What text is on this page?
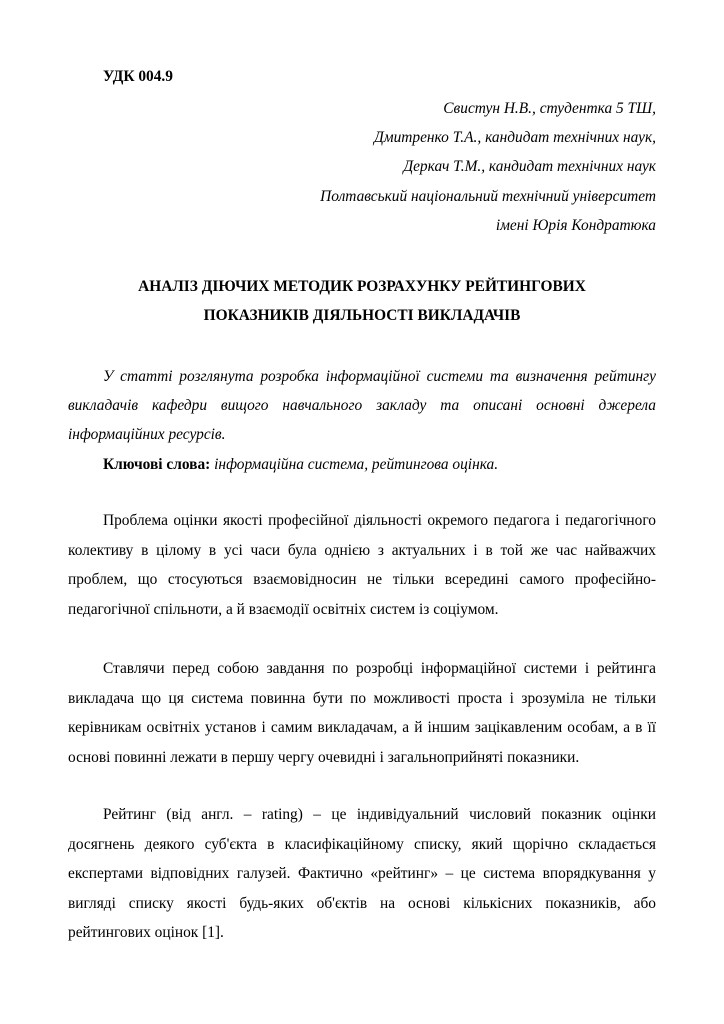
УДК 004.9
Свистун Н.В., студентка 5 ТШ,
Дмитренко Т.А., кандидат технічних наук,
Деркач Т.М., кандидат технічних наук
Полтавський національний технічний університет
імені Юрія Кондратюка
АНАЛІЗ ДІЮЧИХ МЕТОДИК РОЗРАХУНКУ РЕЙТИНГОВИХ
ПОКАЗНИКІВ ДІЯЛЬНОСТІ ВИКЛАДАЧІВ

У статті розглянута розробка інформаційної системи та визначення рейтингу викладачів кафедри вищого навчального закладу та описані основні джерела інформаційних ресурсів.

Ключові слова: інформаційна система, рейтингова оцінка.

Проблема оцінки якості професійної діяльності окремого педагога і педагогічного колективу в цілому в усі часи була однією з актуальних і в той же час найважчих проблем, що стосуються взаємовідносин не тільки всередині самого професійно-педагогічної спільноти, а й взаємодії освітніх систем із соціумом.

Ставлячи перед собою завдання по розробці інформаційної системи і рейтинга викладача що ця система повинна бути по можливості проста і зрозуміла не тільки керівникам освітніх установ і самим викладачам, а й іншим зацікавленим особам, а в її основі повинні лежати в першу чергу очевидні і загальноприйняті показники.

Рейтинг (від англ. – rating) – це індивідуальний числовий показник оцінки досягнень деякого суб'єкта в класифікаційному списку, який щорічно складається експертами відповідних галузей. Фактично «рейтинг» – це система впорядкування у вигляді списку якості будь-яких об'єктів на основі кількісних показників, або рейтингових оцінок [1].
